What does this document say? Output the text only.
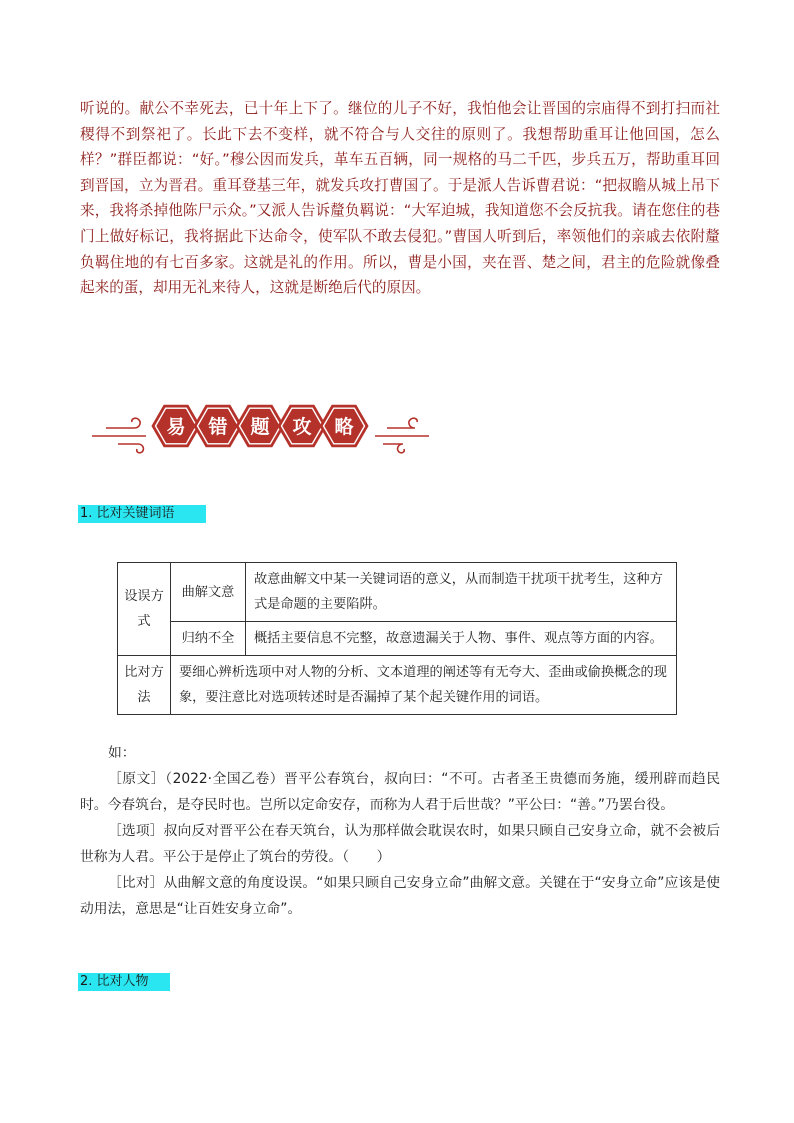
听说的。献公不幸死去，已十年上下了。继位的儿子不好，我怕他会让晋国的宗庙得不到打扫而社稷得不到祭祀了。长此下去不变样，就不符合与人交往的原则了。我想帮助重耳让他回国，怎么样？”群臣都说：“好。”穆公因而发兵，革车五百辆，同一规格的马二千匹，步兵五万，帮助重耳回到晋国，立为晋君。重耳登基三年，就发兵攻打曹国了。于是派人告诉曹君说：“把叔瞻从城上吊下来，我将杀掉他陈尸示众。”又派人告诉釐负羁说：“大军迫城，我知道您不会反抗我。请在您住的巷门上做好标记，我将据此下达命令，使军队不敢去侵犯。”曹国人听到后，率领他们的亲戚去依附釐负羁住地的有七百多家。这就是礼的作用。所以，曹是小国，夹在晋、楚之间，君主的危险就像叠起来的蛋，却用无礼来待人，这就是断绝后代的原因。

易 错 题 攻 略
1. 比对关键词语
设误方式	曲解文意	故意曲解文中某一关键词语的意义，从而制造干扰项干扰考生，这种方式是命题的主要陷阱。
	归纳不全	概括主要信息不完整，故意遗漏关于人物、事件、观点等方面的内容。
比对方法	要细心辨析选项中对人物的分析、文本道理的阐述等有无夸大、歪曲或偷换概念的现象，要注意比对选项转述时是否漏掉了某个起关键作用的词语。	

如：

［原文］（2022·全国乙卷）晋平公春筑台，叔向曰：“不可。古者圣王贵德而务施，缓刑辟而趋民时。今春筑台，是夺民时也。岂所以定命安存，而称为人君于后世哉？”平公曰：“善。”乃罢台役。

［选项］叔向反对晋平公在春天筑台，认为那样做会耽误农时，如果只顾自己安身立命，就不会被后世称为人君。平公于是停止了筑台的劳役。（　　）

［比对］从曲解文意的角度设误。“如果只顾自己安身立命”曲解文意。关键在于“安身立命”应该是使动用法，意思是“让百姓安身立命”。

2. 比对人物
